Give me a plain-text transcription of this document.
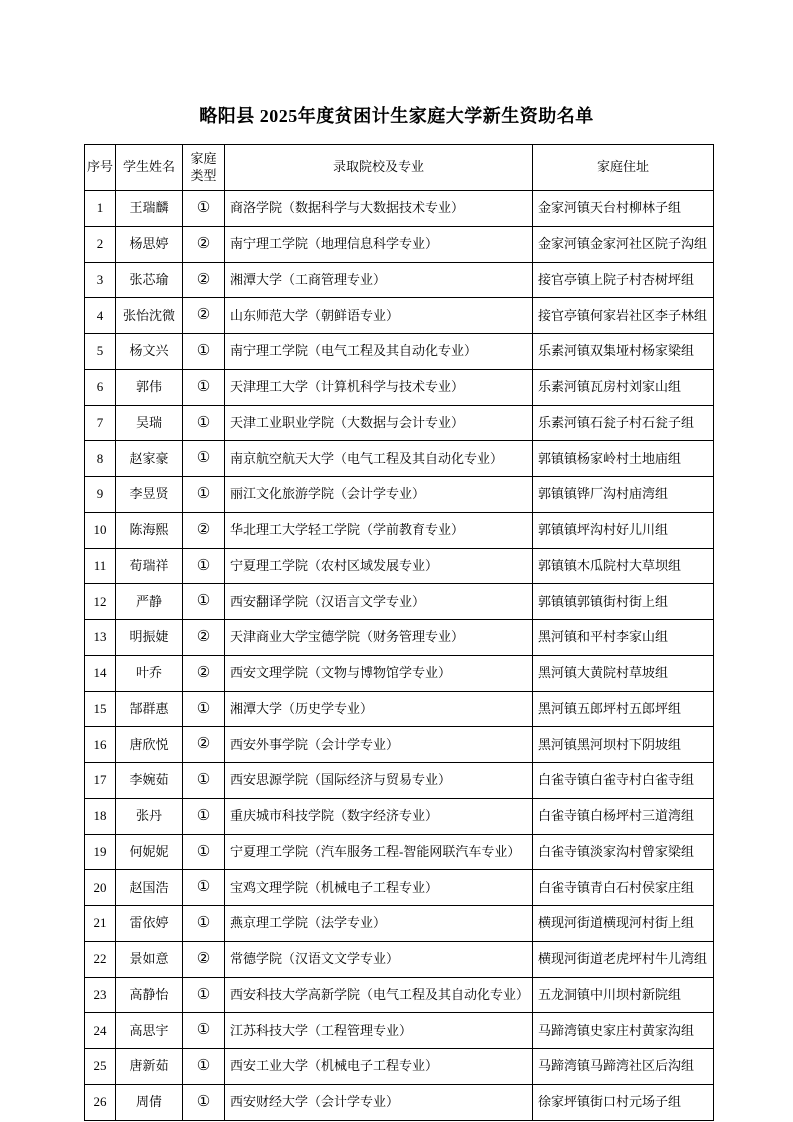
略阳县 2025年度贫困计生家庭大学新生资助名单
序号	学生姓名	家庭类型	录取院校及专业	家庭住址
1	王瑞麟	①	商洛学院（数据科学与大数据技术专业）	金家河镇天台村柳林子组
2	杨思婷	②	南宁理工学院（地理信息科学专业）	金家河镇金家河社区院子沟组
3	张芯瑜	②	湘潭大学（工商管理专业）	接官亭镇上院子村杏树坪组
4	张怡沈微	②	山东师范大学（朝鲜语专业）	接官亭镇何家岩社区李子林组
5	杨文兴	①	南宁理工学院（电气工程及其自动化专业）	乐素河镇双集垭村杨家梁组
6	郭伟	①	天津理工大学（计算机科学与技术专业）	乐素河镇瓦房村刘家山组
7	吴瑞	①	天津工业职业学院（大数据与会计专业）	乐素河镇石瓮子村石瓮子组
8	赵家豪	①	南京航空航天大学（电气工程及其自动化专业）	郭镇镇杨家岭村土地庙组
9	李昱贤	①	丽江文化旅游学院（会计学专业）	郭镇镇铧厂沟村庙湾组
10	陈海熙	②	华北理工大学轻工学院（学前教育专业）	郭镇镇坪沟村好儿川组
11	荀瑞祥	①	宁夏理工学院（农村区域发展专业）	郭镇镇木瓜院村大草坝组
12	严静	①	西安翻译学院（汉语言文学专业）	郭镇镇郭镇街村街上组
13	明振婕	②	天津商业大学宝德学院（财务管理专业）	黑河镇和平村李家山组
14	叶乔	②	西安文理学院（文物与博物馆学专业）	黑河镇大黄院村草坡组
15	郜群惠	①	湘潭大学（历史学专业）	黑河镇五郎坪村五郎坪组
16	唐欣悦	②	西安外事学院（会计学专业）	黑河镇黑河坝村下阴坡组
17	李婉茹	①	西安思源学院（国际经济与贸易专业）	白雀寺镇白雀寺村白雀寺组
18	张丹	①	重庆城市科技学院（数字经济专业）	白雀寺镇白杨坪村三道湾组
19	何妮妮	①	宁夏理工学院（汽车服务工程-智能网联汽车专业）	白雀寺镇淡家沟村曾家梁组
20	赵国浩	①	宝鸡文理学院（机械电子工程专业）	白雀寺镇青白石村侯家庄组
21	雷依婷	①	燕京理工学院（法学专业）	横现河街道横现河村街上组
22	景如意	②	常德学院（汉语文文学专业）	横现河街道老虎坪村牛儿湾组
23	高静怡	①	西安科技大学高新学院（电气工程及其自动化专业）	五龙洞镇中川坝村新院组
24	高思宇	①	江苏科技大学（工程管理专业）	马蹄湾镇史家庄村黄家沟组
25	唐新茹	①	西安工业大学（机械电子工程专业）	马蹄湾镇马蹄湾社区后沟组
26	周倩	①	西安财经大学（会计学专业）	徐家坪镇街口村元场子组
